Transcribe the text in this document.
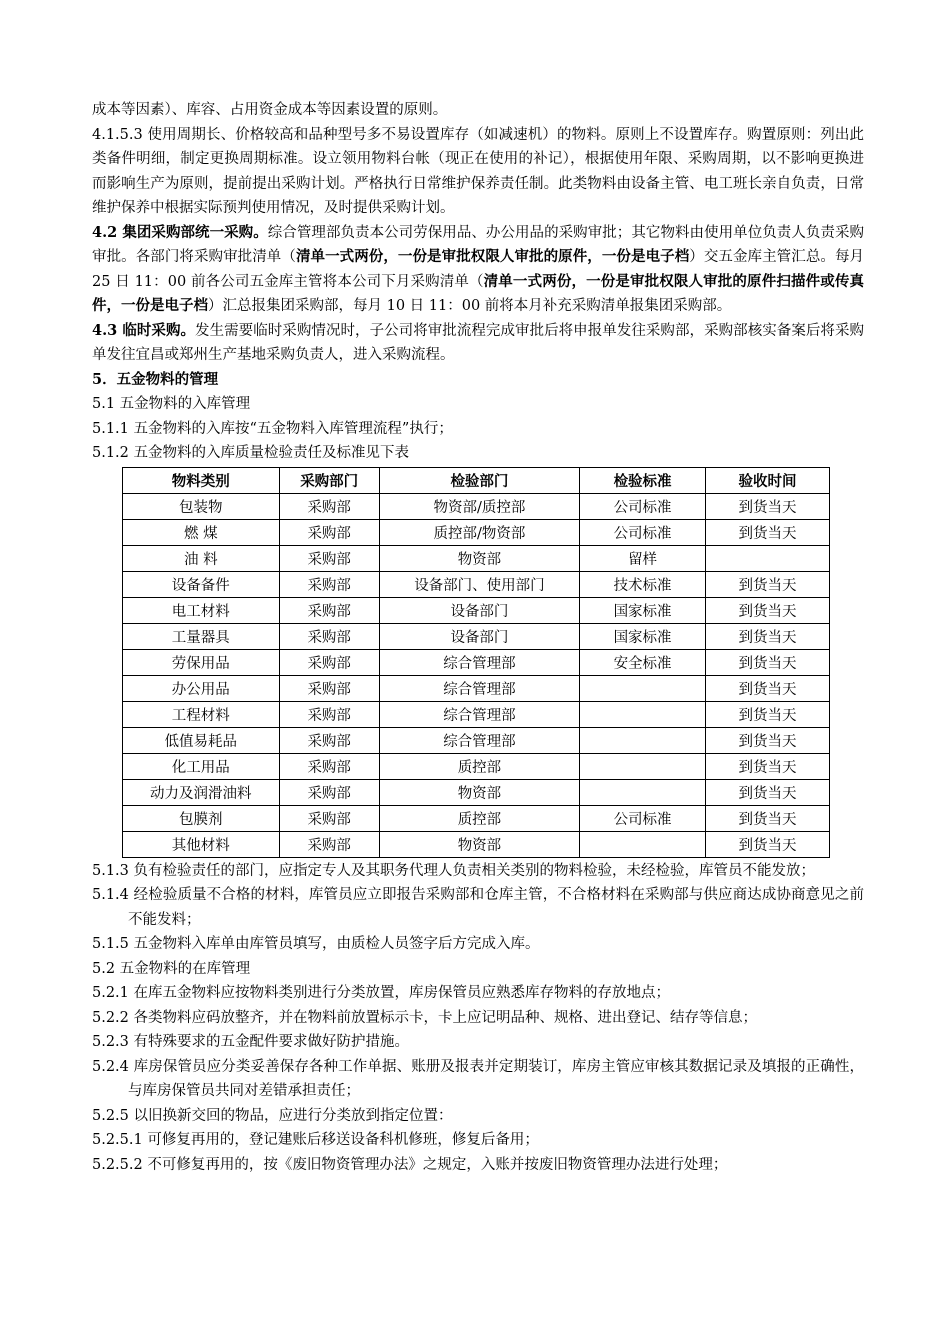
成本等因素）、库容、占用资金成本等因素设置的原则。

4.1.5.3 使用周期长、价格较高和品种型号多不易设置库存（如减速机）的物料。原则上不设置库存。购置原则：列出此类备件明细，制定更换周期标准。设立领用物料台帐（现正在使用的补记），根据使用年限、采购周期，以不影响更换进而影响生产为原则，提前提出采购计划。严格执行日常维护保养责任制。此类物料由设备主管、电工班长亲自负责，日常维护保养中根据实际预判使用情况，及时提供采购计划。

4.2 集团采购部统一采购。综合管理部负责本公司劳保用品、办公用品的采购审批；其它物料由使用单位负责人负责采购审批。各部门将采购审批清单（清单一式两份，一份是审批权限人审批的原件，一份是电子档）交五金库主管汇总。每月 25 日 11：00 前各公司五金库主管将本公司下月采购清单（清单一式两份，一份是审批权限人审批的原件扫描件或传真件，一份是电子档）汇总报集团采购部，每月 10 日 11：00 前将本月补充采购清单报集团采购部。

4.3 临时采购。发生需要临时采购情况时，子公司将审批流程完成审批后将申报单发往采购部，采购部核实备案后将采购单发往宜昌或郑州生产基地采购负责人，进入采购流程。

5．五金物料的管理

5.1 五金物料的入库管理

5.1.1 五金物料的入库按“五金物料入库管理流程”执行；

5.1.2 五金物料的入库质量检验责任及标准见下表

物料类别	采购部门	检验部门	检验标准	验收时间
包装物	采购部	物资部/质控部	公司标准	到货当天
燃 煤	采购部	质控部/物资部	公司标准	到货当天
油 料	采购部	物资部	留样	
设备备件	采购部	设备部门、使用部门	技术标准	到货当天
电工材料	采购部	设备部门	国家标准	到货当天
工量器具	采购部	设备部门	国家标准	到货当天
劳保用品	采购部	综合管理部	安全标准	到货当天
办公用品	采购部	综合管理部		到货当天
工程材料	采购部	综合管理部		到货当天
低值易耗品	采购部	综合管理部		到货当天
化工用品	采购部	质控部		到货当天
动力及润滑油料	采购部	物资部		到货当天
包膜剂	采购部	质控部	公司标准	到货当天
其他材料	采购部	物资部		到货当天

5.1.3 负有检验责任的部门，应指定专人及其职务代理人负责相关类别的物料检验，未经检验，库管员不能发放；

5.1.4 经检验质量不合格的材料，库管员应立即报告采购部和仓库主管，不合格材料在采购部与供应商达成协商意见之前不能发料；

5.1.5 五金物料入库单由库管员填写，由质检人员签字后方完成入库。

5.2 五金物料的在库管理

5.2.1 在库五金物料应按物料类别进行分类放置，库房保管员应熟悉库存物料的存放地点；

5.2.2 各类物料应码放整齐，并在物料前放置标示卡，卡上应记明品种、规格、进出登记、结存等信息；

5.2.3 有特殊要求的五金配件要求做好防护措施。

5.2.4 库房保管员应分类妥善保存各种工作单据、账册及报表并定期装订，库房主管应审核其数据记录及填报的正确性，与库房保管员共同对差错承担责任；

5.2.5 以旧换新交回的物品，应进行分类放到指定位置：

5.2.5.1 可修复再用的，登记建账后移送设备科机修班，修复后备用；

5.2.5.2 不可修复再用的，按《废旧物资管理办法》之规定，入账并按废旧物资管理办法进行处理；
